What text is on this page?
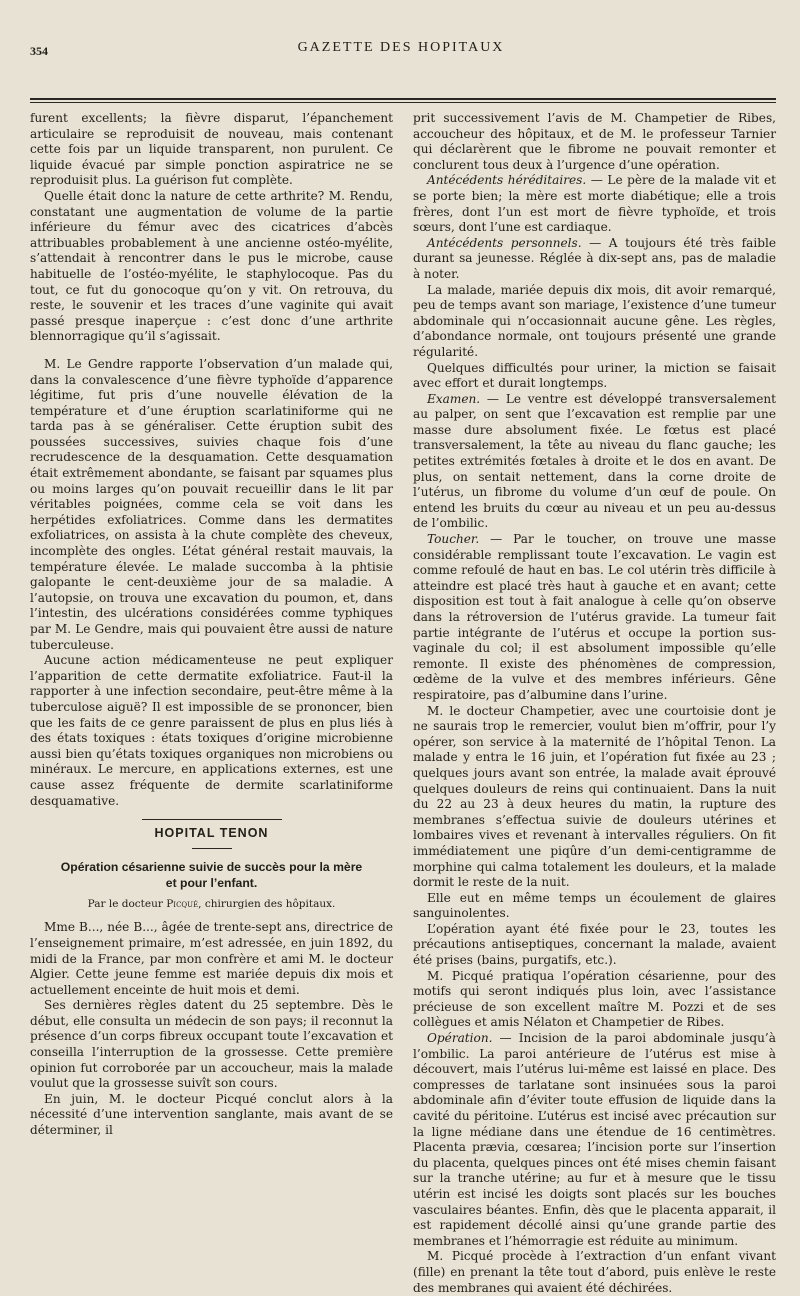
354	GAZETTE DES HOPITAUX

furent excellents; la fièvre disparut, l’épanchement articulaire se reproduisit de nouveau, mais contenant cette fois par un liquide transparent, non purulent. Ce liquide évacué par simple ponction aspiratrice ne se reproduisit plus. La guérison fut complète.

Quelle était donc la nature de cette arthrite? M. Rendu, constatant une augmentation de volume de la partie inférieure du fémur avec des cicatrices d’abcès attribuables probablement à une ancienne ostéo-myélite, s’attendait à rencontrer dans le pus le microbe, cause habituelle de l’ostéo-myélite, le staphylocoque. Pas du tout, ce fut du gonocoque qu’on y vit. On retrouva, du reste, le souvenir et les traces d’une vaginite qui avait passé presque inaperçue : c’est donc d’une arthrite blennorragique qu’il s’agissait.

M. Le Gendre rapporte l’observation d’un malade qui, dans la convalescence d’une fièvre typhoïde d’apparence légitime, fut pris d’une nouvelle élévation de la température et d’une éruption scarlatiniforme qui ne tarda pas à se généraliser. Cette éruption subit des poussées successives, suivies chaque fois d’une recrudescence de la desquamation. Cette desquamation était extrêmement abondante, se faisant par squames plus ou moins larges qu’on pouvait recueillir dans le lit par véritables poignées, comme cela se voit dans les herpétides exfoliatrices. Comme dans les dermatites exfoliatrices, on assista à la chute complète des cheveux, incomplète des ongles. L’état général restait mauvais, la température élevée. Le malade succomba à la phtisie galopante le cent-deuxième jour de sa maladie. A l’autopsie, on trouva une excavation du poumon, et, dans l’intestin, des ulcérations considérées comme typhiques par M. Le Gendre, mais qui pouvaient être aussi de nature tuberculeuse.

Aucune action médicamenteuse ne peut expliquer l’apparition de cette dermatite exfoliatrice. Faut-il la rapporter à une infection secondaire, peut-être même à la tuberculose aiguë? Il est impossible de se prononcer, bien que les faits de ce genre paraissent de plus en plus liés à des états toxiques : états toxiques d’origine microbienne aussi bien qu’états toxiques organiques non microbiens ou minéraux. Le mercure, en applications externes, est une cause assez fréquente de dermite scarlatiniforme desquamative.

HOPITAL TENON
Opération césarienne suivie de succès pour la mère
et pour l’enfant.
Par le docteur Picqué, chirurgien des hôpitaux.

Mme B..., née B..., âgée de trente-sept ans, directrice de l’enseignement primaire, m’est adressée, en juin 1892, du midi de la France, par mon confrère et ami M. le docteur Algier. Cette jeune femme est mariée depuis dix mois et actuellement enceinte de huit mois et demi.

Ses dernières règles datent du 25 septembre. Dès le début, elle consulta un médecin de son pays; il reconnut la présence d’un corps fibreux occupant toute l’excavation et conseilla l’interruption de la grossesse. Cette première opinion fut corroborée par un accoucheur, mais la malade voulut que la grossesse suivît son cours.

En juin, M. le docteur Picqué conclut alors à la nécessité d’une intervention sanglante, mais avant de se déterminer, il

prit successivement l’avis de M. Champetier de Ribes, accoucheur des hôpitaux, et de M. le professeur Tarnier qui déclarèrent que le fibrome ne pouvait remonter et conclurent tous deux à l’urgence d’une opération.

Antécédents héréditaires. — Le père de la malade vit et se porte bien; la mère est morte diabétique; elle a trois frères, dont l’un est mort de fièvre typhoïde, et trois sœurs, dont l’une est cardiaque.

Antécédents personnels. — A toujours été très faible durant sa jeunesse. Réglée à dix-sept ans, pas de maladie à noter.

La malade, mariée depuis dix mois, dit avoir remarqué, peu de temps avant son mariage, l’existence d’une tumeur abdominale qui n’occasionnait aucune gêne. Les règles, d’abondance normale, ont toujours présenté une grande régularité.

Quelques difficultés pour uriner, la miction se faisait avec effort et durait longtemps.

Examen. — Le ventre est développé transversalement au palper, on sent que l’excavation est remplie par une masse dure absolument fixée. Le fœtus est placé transversalement, la tête au niveau du flanc gauche; les petites extrémités fœtales à droite et le dos en avant. De plus, on sentait nettement, dans la corne droite de l’utérus, un fibrome du volume d’un œuf de poule. On entend les bruits du cœur au niveau et un peu au-dessus de l’ombilic.

Toucher. — Par le toucher, on trouve une masse considérable remplissant toute l’excavation. Le vagin est comme refoulé de haut en bas. Le col utérin très difficile à atteindre est placé très haut à gauche et en avant; cette disposition est tout à fait analogue à celle qu’on observe dans la rétroversion de l’utérus gravide. La tumeur fait partie intégrante de l’utérus et occupe la portion sus-vaginale du col; il est absolument impossible qu’elle remonte. Il existe des phénomènes de compression, œdème de la vulve et des membres inférieurs. Gêne respiratoire, pas d’albumine dans l’urine.

M. le docteur Champetier, avec une courtoisie dont je ne saurais trop le remercier, voulut bien m’offrir, pour l’y opérer, son service à la maternité de l’hôpital Tenon. La malade y entra le 16 juin, et l’opération fut fixée au 23 ; quelques jours avant son entrée, la malade avait éprouvé quelques douleurs de reins qui continuaient. Dans la nuit du 22 au 23 à deux heures du matin, la rupture des membranes s’effectua suivie de douleurs utérines et lombaires vives et revenant à intervalles réguliers. On fit immédiatement une piqûre d’un demi-centigramme de morphine qui calma totalement les douleurs, et la malade dormit le reste de la nuit.

Elle eut en même temps un écoulement de glaires sanguinolentes.

L’opération ayant été fixée pour le 23, toutes les précautions antiseptiques, concernant la malade, avaient été prises (bains, purgatifs, etc.).

M. Picqué pratiqua l’opération césarienne, pour des motifs qui seront indiqués plus loin, avec l’assistance précieuse de son excellent maître M. Pozzi et de ses collègues et amis Nélaton et Champetier de Ribes.

Opération. — Incision de la paroi abdominale jusqu’à l’ombilic. La paroi antérieure de l’utérus est mise à découvert, mais l’utérus lui-même est laissé en place. Des compresses de tarlatane sont insinuées sous la paroi abdominale afin d’éviter toute effusion de liquide dans la cavité du péritoine. L’utérus est incisé avec précaution sur la ligne médiane dans une étendue de 16 centimètres. Placenta prævia, cœsarea; l’incision porte sur l’insertion du placenta, quelques pinces ont été mises chemin faisant sur la tranche utérine; au fur et à mesure que le tissu utérin est incisé les doigts sont placés sur les bouches vasculaires béantes. Enfin, dès que le placenta apparait, il est rapidement décollé ainsi qu’une grande partie des membranes et l’hémorragie est réduite au minimum.

M. Picqué procède à l’extraction d’un enfant vivant (fille) en prenant la tête tout d’abord, puis enlève le reste des membranes qui avaient été déchirées.
